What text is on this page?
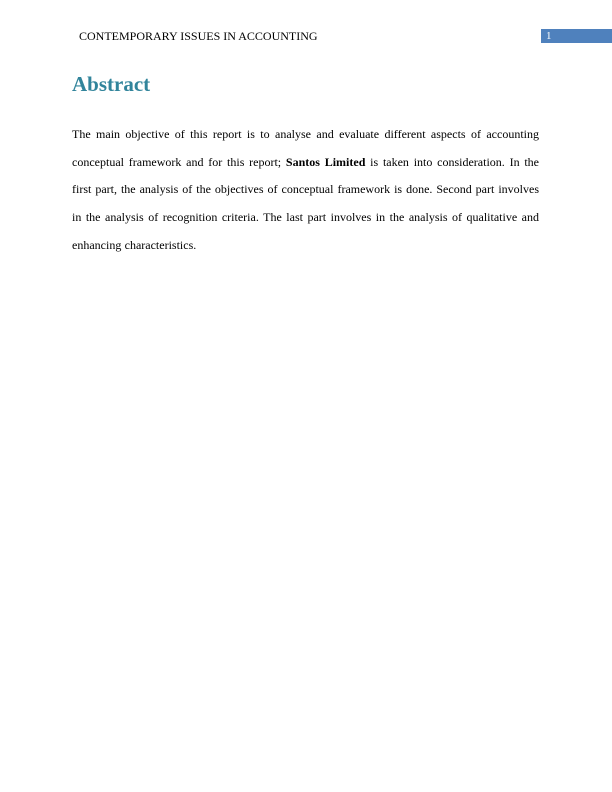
CONTEMPORARY ISSUES IN ACCOUNTING	1
Abstract

The main objective of this report is to analyse and evaluate different aspects of accounting conceptual framework and for this report; Santos Limited is taken into consideration. In the first part, the analysis of the objectives of conceptual framework is done. Second part involves in the analysis of recognition criteria. The last part involves in the analysis of qualitative and enhancing characteristics.
